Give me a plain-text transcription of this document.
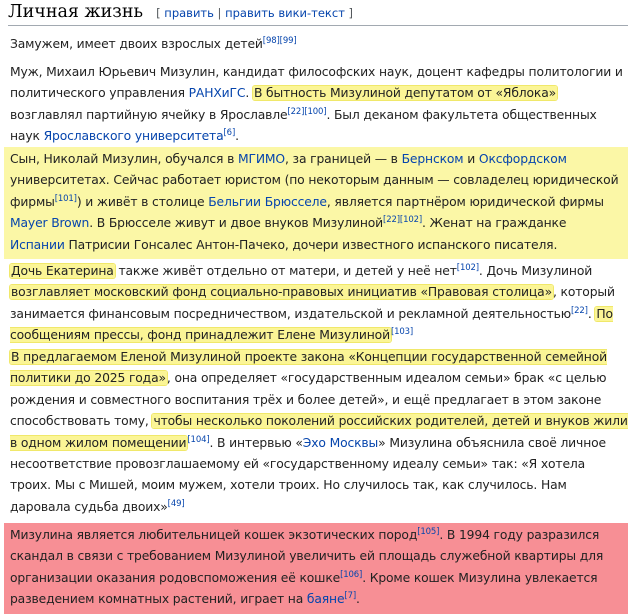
Личная жизнь [ править | править вики-текст ]
Замужем, имеет двоих взрослых детей[98][99]
Муж, Михаил Юрьевич Мизулин, кандидат философских наук, доцент кафедры политологии и политического управления РАНХиГС. В бытность Мизулиной депутатом от «Яблока» возглавлял партийную ячейку в Ярославле[22][100]. Был деканом факультета общественных наук Ярославского университета[6].
Сын, Николай Мизулин, обучался в МГИМО, за границей — в Бернском и Оксфордском университетах. Сейчас работает юристом (по некоторым данным — совладелец юридической фирмы[101]) и живёт в столице Бельгии Брюсселе, является партнёром юридической фирмы Mayer Brown. В Брюсселе живут и двое внуков Мизулиной[22][102]. Женат на гражданке Испании Патрисии Гонсалес Антон-Пачеко, дочери известного испанского писателя.
Дочь Екатерина также живёт отдельно от матери, и детей у неё нет[102]. Дочь Мизулиной возглавляет московский фонд социально-правовых инициатив «Правовая столица», который занимается финансовым посредничеством, издательской и рекламной деятельностью[22]. По сообщениям прессы, фонд принадлежит Елене Мизулиной[103]
В предлагаемом Еленой Мизулиной проекте закона «Концепции государственной семейной политики до 2025 года», она определяет «государственным идеалом семьи» брак «с целью рождения и совместного воспитания трёх и более детей», и ещё предлагает в этом законе способствовать тому, чтобы несколько поколений российских родителей, детей и внуков жили в одном жилом помещении[104]. В интервью «Эхо Москвы» Мизулина объяснила своё личное несоответствие провозглашаемому ей «государственному идеалу семьи» так: «Я хотела троих. Мы с Мишей, моим мужем, хотели троих. Но случилось так, как случилось. Нам даровала судьба двоих»[49]
Мизулина является любительницей кошек экзотических пород[105]. В 1994 году разразился скандал в связи с требованием Мизулиной увеличить ей площадь служебной квартиры для организации оказания родовспоможения её кошке[106]. Кроме кошек Мизулина увлекается разведением комнатных растений, играет на баяне[7].
